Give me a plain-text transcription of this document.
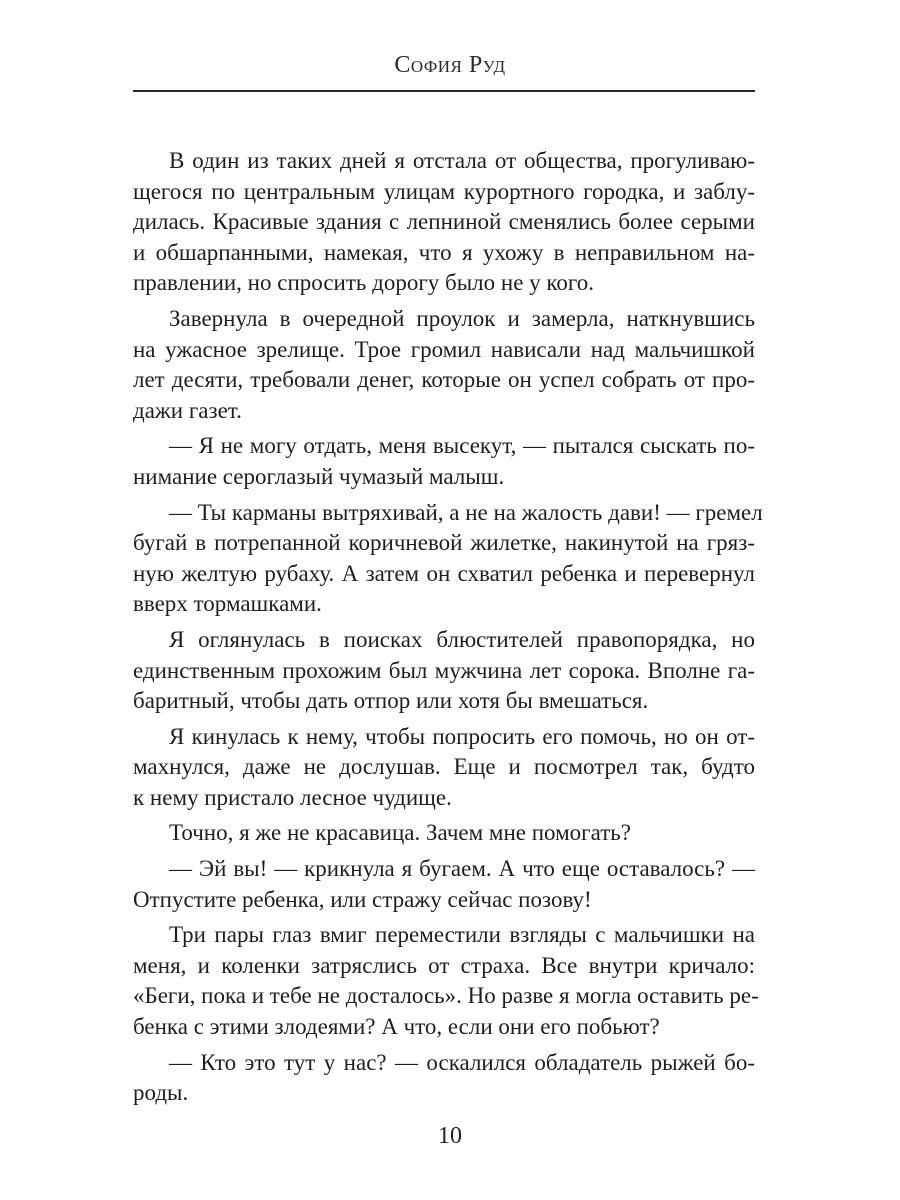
София Руд
В один из таких дней я отстала от общества, прогуливаю-
щегося по центральным улицам курортного городка, и заблу-
дилась. Красивые здания с лепниной сменялись более серыми
и обшарпанными, намекая, что я ухожу в неправильном на-
правлении, но спросить дорогу было не у кого.
Завернула в очередной проулок и замерла, наткнувшись
на ужасное зрелище. Трое громил нависали над мальчишкой
лет десяти, требовали денег, которые он успел собрать от про-
дажи газет.
— Я не могу отдать, меня высекут, — пытался сыскать по-
нимание сероглазый чумазый малыш.
— Ты карманы вытряхивай, а не на жалость дави! — гремел
бугай в потрепанной коричневой жилетке, накинутой на гряз-
ную желтую рубаху. А затем он схватил ребенка и перевернул
вверх тормашками.
Я оглянулась в поисках блюстителей правопорядка, но
единственным прохожим был мужчина лет сорока. Вполне га-
баритный, чтобы дать отпор или хотя бы вмешаться.
Я кинулась к нему, чтобы попросить его помочь, но он от-
махнулся, даже не дослушав. Еще и посмотрел так, будто
к нему пристало лесное чудище.
Точно, я же не красавица. Зачем мне помогать?
— Эй вы! — крикнула я бугаем. А что еще оставалось? —
Отпустите ребенка, или стражу сейчас позову!
Три пары глаз вмиг переместили взгляды с мальчишки на
меня, и коленки затряслись от страха. Все внутри кричало:
«Беги, пока и тебе не досталось». Но разве я могла оставить ре-
бенка с этими злодеями? А что, если они его побьют?
— Кто это тут у нас? — оскалился обладатель рыжей бо-
роды.
10
